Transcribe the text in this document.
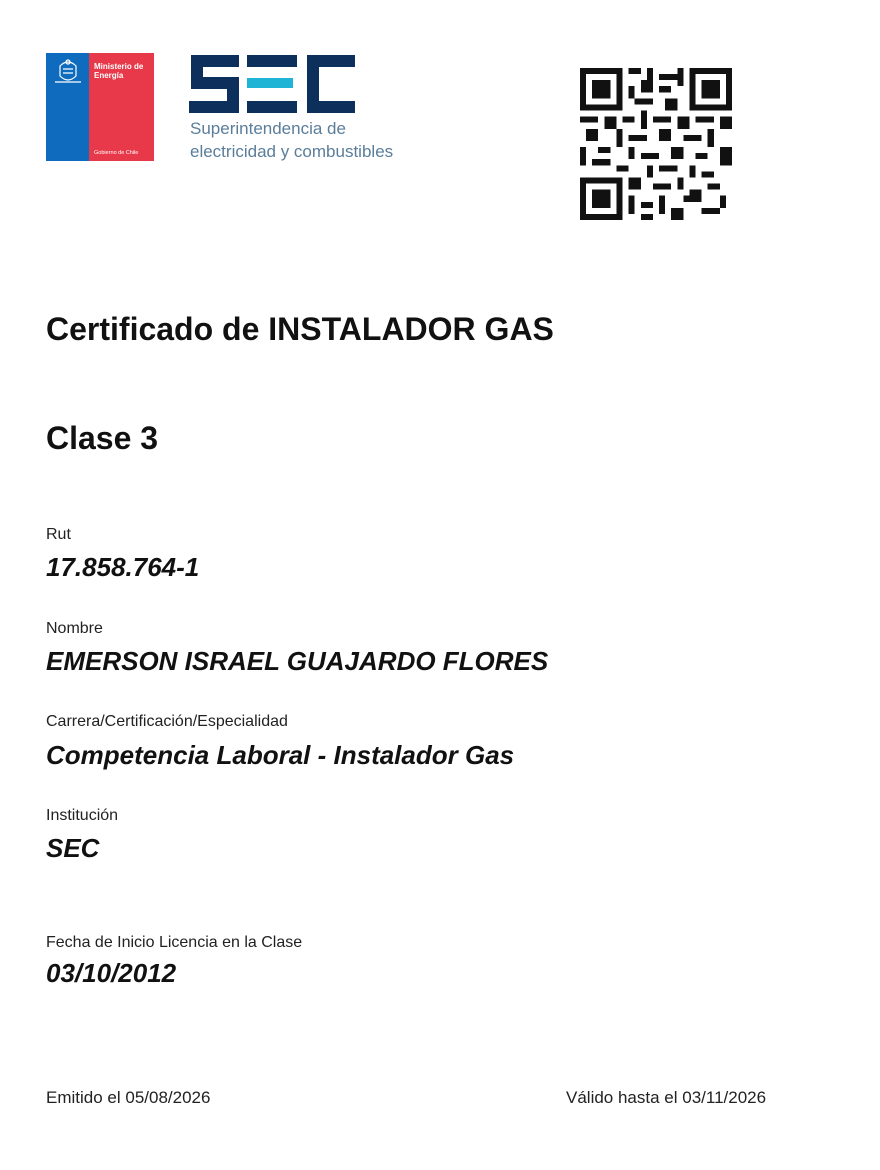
Ministerio de Energía
Gobierno de Chile
Superintendencia de
electricidad y combustibles
Certificado de INSTALADOR GAS
Clase 3
Rut
17.858.764-1
Nombre
EMERSON ISRAEL GUAJARDO FLORES
Carrera/Certificación/Especialidad
Competencia Laboral - Instalador Gas
Institución
SEC
Fecha de Inicio Licencia en la Clase
03/10/2012
Emitido el 05/08/2026	Válido hasta el 03/11/2026
